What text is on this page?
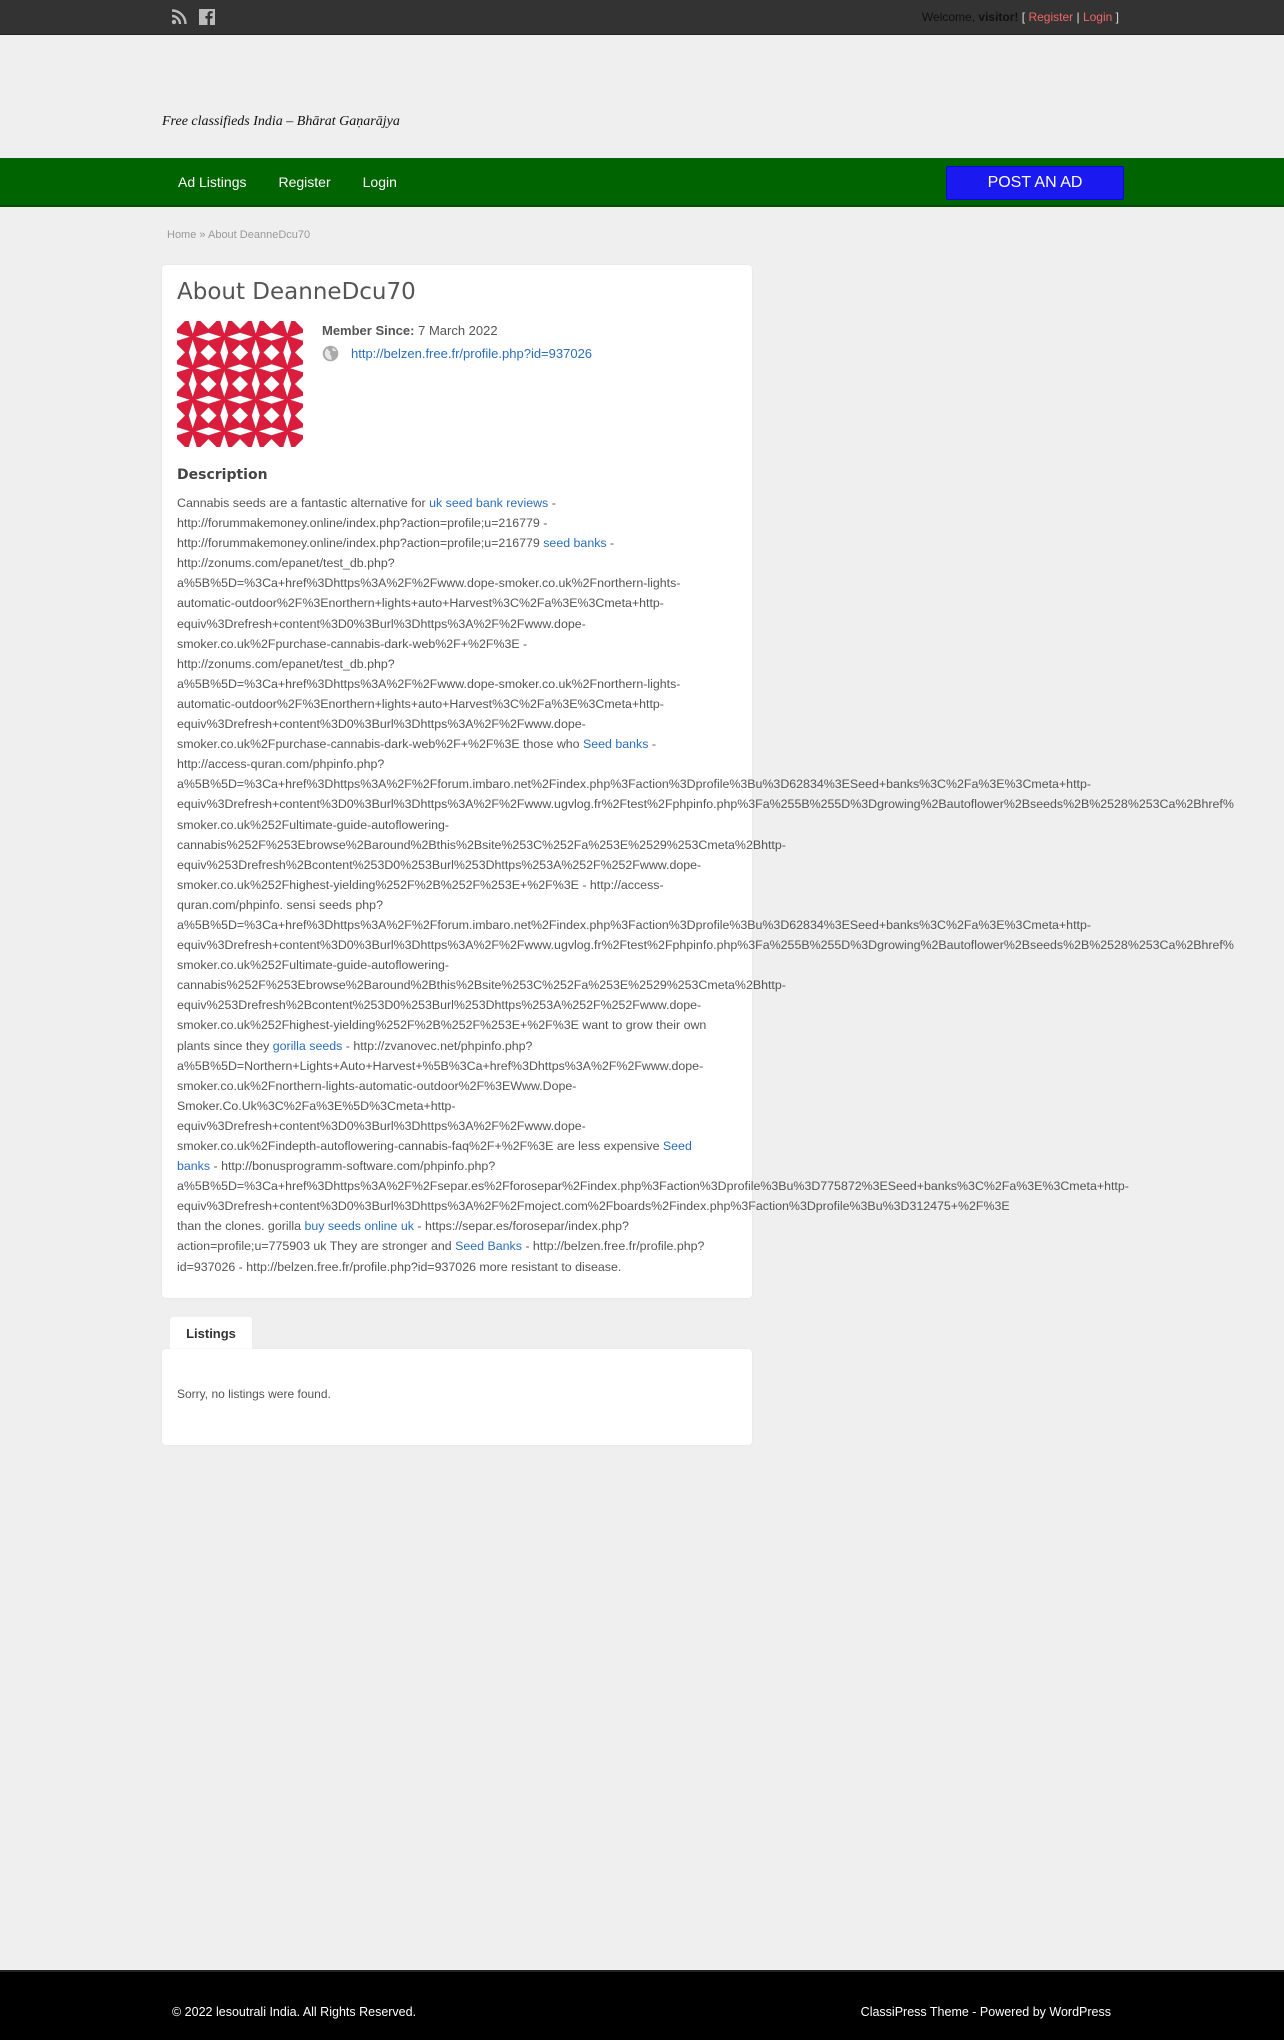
Welcome, visitor! [ Register | Login ]
Free classifieds India – Bhārat Gaṇarājya
Ad Listings	Register	Login	POST AN AD
Home » About DeanneDcu70
About DeanneDcu70
Member Since: 7 March 2022
http://belzen.free.fr/profile.php?id=937026
Description
Cannabis seeds are a fantastic alternative for uk seed bank reviews -
http://forummakemoney.online/index.php?action=profile;u=216779 -
http://forummakemoney.online/index.php?action=profile;u=216779 seed banks -
http://zonums.com/epanet/test_db.php?
a%5B%5D=%3Ca+href%3Dhttps%3A%2F%2Fwww.dope-smoker.co.uk%2Fnorthern-lights-
automatic-outdoor%2F%3Enorthern+lights+auto+Harvest%3C%2Fa%3E%3Cmeta+http-
equiv%3Drefresh+content%3D0%3Burl%3Dhttps%3A%2F%2Fwww.dope-
smoker.co.uk%2Fpurchase-cannabis-dark-web%2F+%2F%3E -
http://zonums.com/epanet/test_db.php?
a%5B%5D=%3Ca+href%3Dhttps%3A%2F%2Fwww.dope-smoker.co.uk%2Fnorthern-lights-
automatic-outdoor%2F%3Enorthern+lights+auto+Harvest%3C%2Fa%3E%3Cmeta+http-
equiv%3Drefresh+content%3D0%3Burl%3Dhttps%3A%2F%2Fwww.dope-
smoker.co.uk%2Fpurchase-cannabis-dark-web%2F+%2F%3E those who Seed banks -
http://access-quran.com/phpinfo.php?
a%5B%5D=%3Ca+href%3Dhttps%3A%2F%2Fforum.imbaro.net%2Findex.php%3Faction%3Dprofile%3Bu%3D62834%3ESeed+banks%3C%2Fa%3E%3Cmeta+http-
equiv%3Drefresh+content%3D0%3Burl%3Dhttps%3A%2F%2Fwww.ugvlog.fr%2Ftest%2Fphpinfo.php%3Fa%255B%255D%3Dgrowing%2Bautoflower%2Bseeds%2B%2528%253Ca%2Bhref%
smoker.co.uk%252Fultimate-guide-autoflowering-
cannabis%252F%253Ebrowse%2Baround%2Bthis%2Bsite%253C%252Fa%253E%2529%253Cmeta%2Bhttp-
equiv%253Drefresh%2Bcontent%253D0%253Burl%253Dhttps%253A%252F%252Fwww.dope-
smoker.co.uk%252Fhighest-yielding%252F%2B%252F%253E+%2F%3E - http://access-
quran.com/phpinfo. sensi seeds php?
a%5B%5D=%3Ca+href%3Dhttps%3A%2F%2Fforum.imbaro.net%2Findex.php%3Faction%3Dprofile%3Bu%3D62834%3ESeed+banks%3C%2Fa%3E%3Cmeta+http-
equiv%3Drefresh+content%3D0%3Burl%3Dhttps%3A%2F%2Fwww.ugvlog.fr%2Ftest%2Fphpinfo.php%3Fa%255B%255D%3Dgrowing%2Bautoflower%2Bseeds%2B%2528%253Ca%2Bhref%
smoker.co.uk%252Fultimate-guide-autoflowering-
cannabis%252F%253Ebrowse%2Baround%2Bthis%2Bsite%253C%252Fa%253E%2529%253Cmeta%2Bhttp-
equiv%253Drefresh%2Bcontent%253D0%253Burl%253Dhttps%253A%252F%252Fwww.dope-
smoker.co.uk%252Fhighest-yielding%252F%2B%252F%253E+%2F%3E want to grow their own
plants since they gorilla seeds - http://zvanovec.net/phpinfo.php?
a%5B%5D=Northern+Lights+Auto+Harvest+%5B%3Ca+href%3Dhttps%3A%2F%2Fwww.dope-
smoker.co.uk%2Fnorthern-lights-automatic-outdoor%2F%3EWww.Dope-
Smoker.Co.Uk%3C%2Fa%3E%5D%3Cmeta+http-
equiv%3Drefresh+content%3D0%3Burl%3Dhttps%3A%2F%2Fwww.dope-
smoker.co.uk%2Findepth-autoflowering-cannabis-faq%2F+%2F%3E are less expensive Seed
banks - http://bonusprogramm-software.com/phpinfo.php?
a%5B%5D=%3Ca+href%3Dhttps%3A%2F%2Fsepar.es%2Fforosepar%2Findex.php%3Faction%3Dprofile%3Bu%3D775872%3ESeed+banks%3C%2Fa%3E%3Cmeta+http-
equiv%3Drefresh+content%3D0%3Burl%3Dhttps%3A%2F%2Fmoject.com%2Fboards%2Findex.php%3Faction%3Dprofile%3Bu%3D312475+%2F%3E
than the clones. gorilla buy seeds online uk - https://separ.es/forosepar/index.php?
action=profile;u=775903 uk They are stronger and Seed Banks - http://belzen.free.fr/profile.php?
id=937026 - http://belzen.free.fr/profile.php?id=937026 more resistant to disease.
Listings
Sorry, no listings were found.
© 2022 lesoutrali India. All Rights Reserved.	ClassiPress Theme - Powered by WordPress
